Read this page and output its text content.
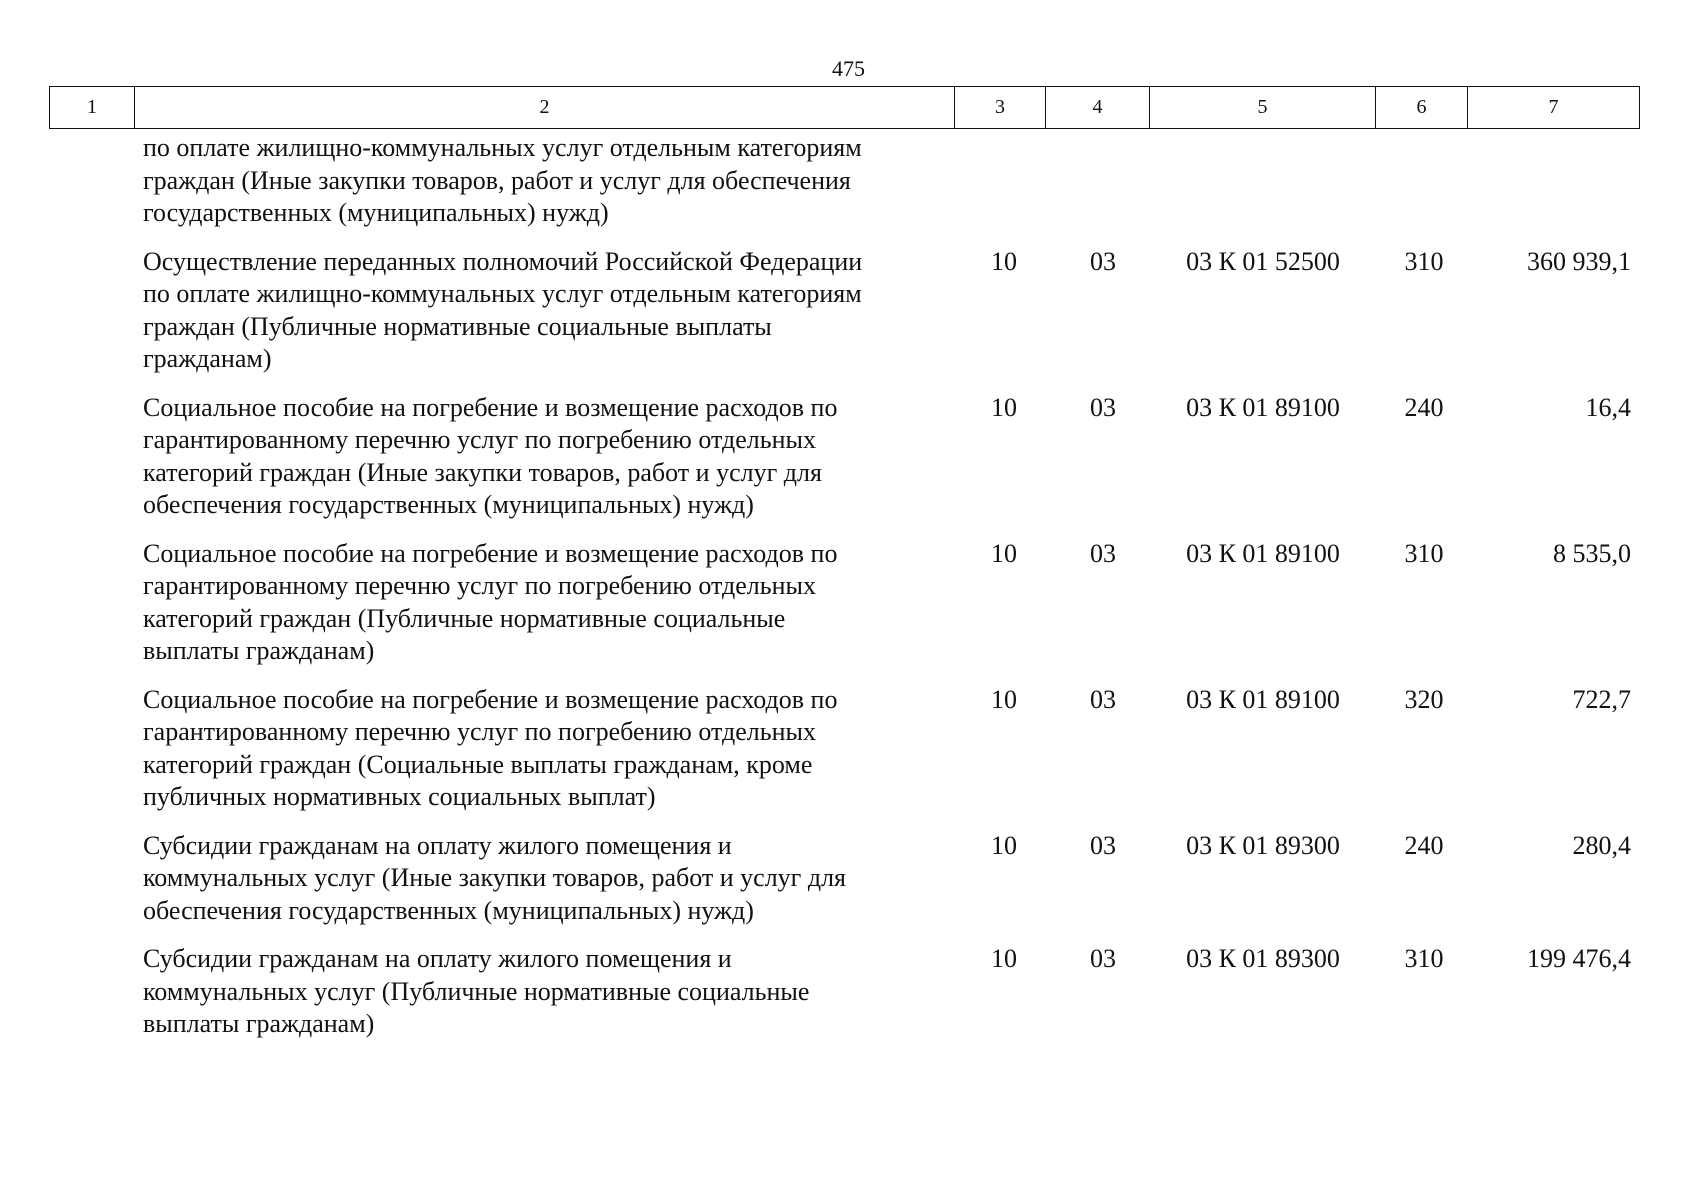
475
1	2	3	4	5	6	7
по оплате жилищно-коммунальных услуг отдельным категориям
граждан (Иные закупки товаров, работ и услуг для обеспечения
государственных (муниципальных) нужд)
Осуществление переданных полномочий Российской Федерации
по оплате жилищно-коммунальных услуг отдельным категориям
граждан (Публичные нормативные социальные выплаты
гражданам)
10	03	03 К 01 52500	310	360 939,1
Социальное пособие на погребение и возмещение расходов по
гарантированному перечню услуг по погребению отдельных
категорий граждан (Иные закупки товаров, работ и услуг для
обеспечения государственных (муниципальных) нужд)
10	03	03 К 01 89100	240	16,4
Социальное пособие на погребение и возмещение расходов по
гарантированному перечню услуг по погребению отдельных
категорий граждан (Публичные нормативные социальные
выплаты гражданам)
10	03	03 К 01 89100	310	8 535,0
Социальное пособие на погребение и возмещение расходов по
гарантированному перечню услуг по погребению отдельных
категорий граждан (Социальные выплаты гражданам, кроме
публичных нормативных социальных выплат)
10	03	03 К 01 89100	320	722,7
Субсидии гражданам на оплату жилого помещения и
коммунальных услуг (Иные закупки товаров, работ и услуг для
обеспечения государственных (муниципальных) нужд)
10	03	03 К 01 89300	240	280,4
Субсидии гражданам на оплату жилого помещения и
коммунальных услуг (Публичные нормативные социальные
выплаты гражданам)
10	03	03 К 01 89300	310	199 476,4
